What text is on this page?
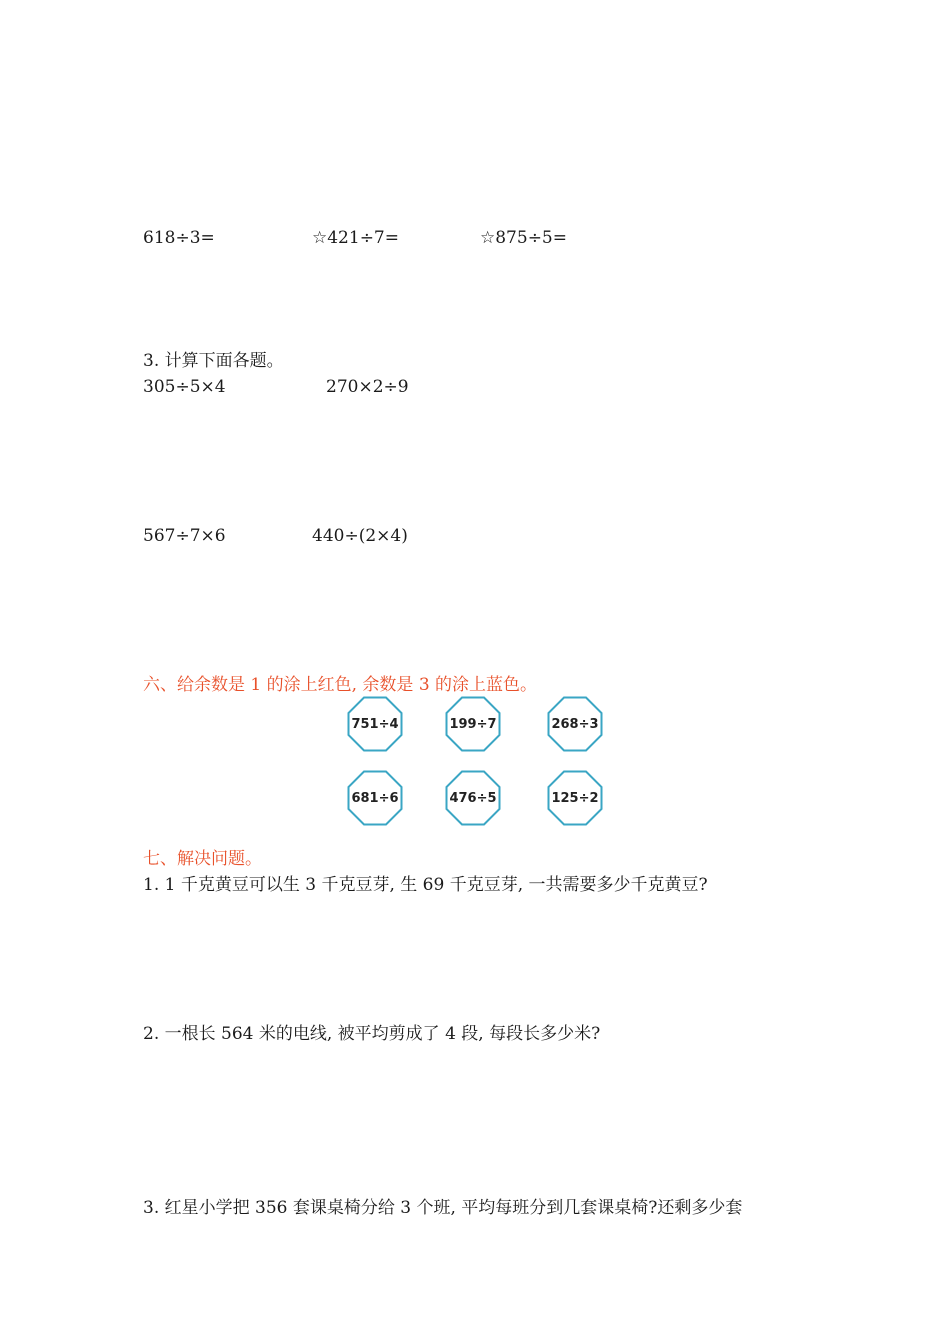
618÷3=	☆421÷7=	☆875÷5=
3. 计算下面各题。
305÷5×4	270×2÷9
567÷7×6	440÷(2×4)
六、给余数是 1 的涂上红色, 余数是 3 的涂上蓝色。
751÷4	199÷7	268÷3
681÷6	476÷5	125÷2
七、解决问题。
1. 1 千克黄豆可以生 3 千克豆芽, 生 69 千克豆芽, 一共需要多少千克黄豆?
2. 一根长 564 米的电线, 被平均剪成了 4 段, 每段长多少米?
3. 红星小学把 356 套课桌椅分给 3 个班, 平均每班分到几套课桌椅?还剩多少套
